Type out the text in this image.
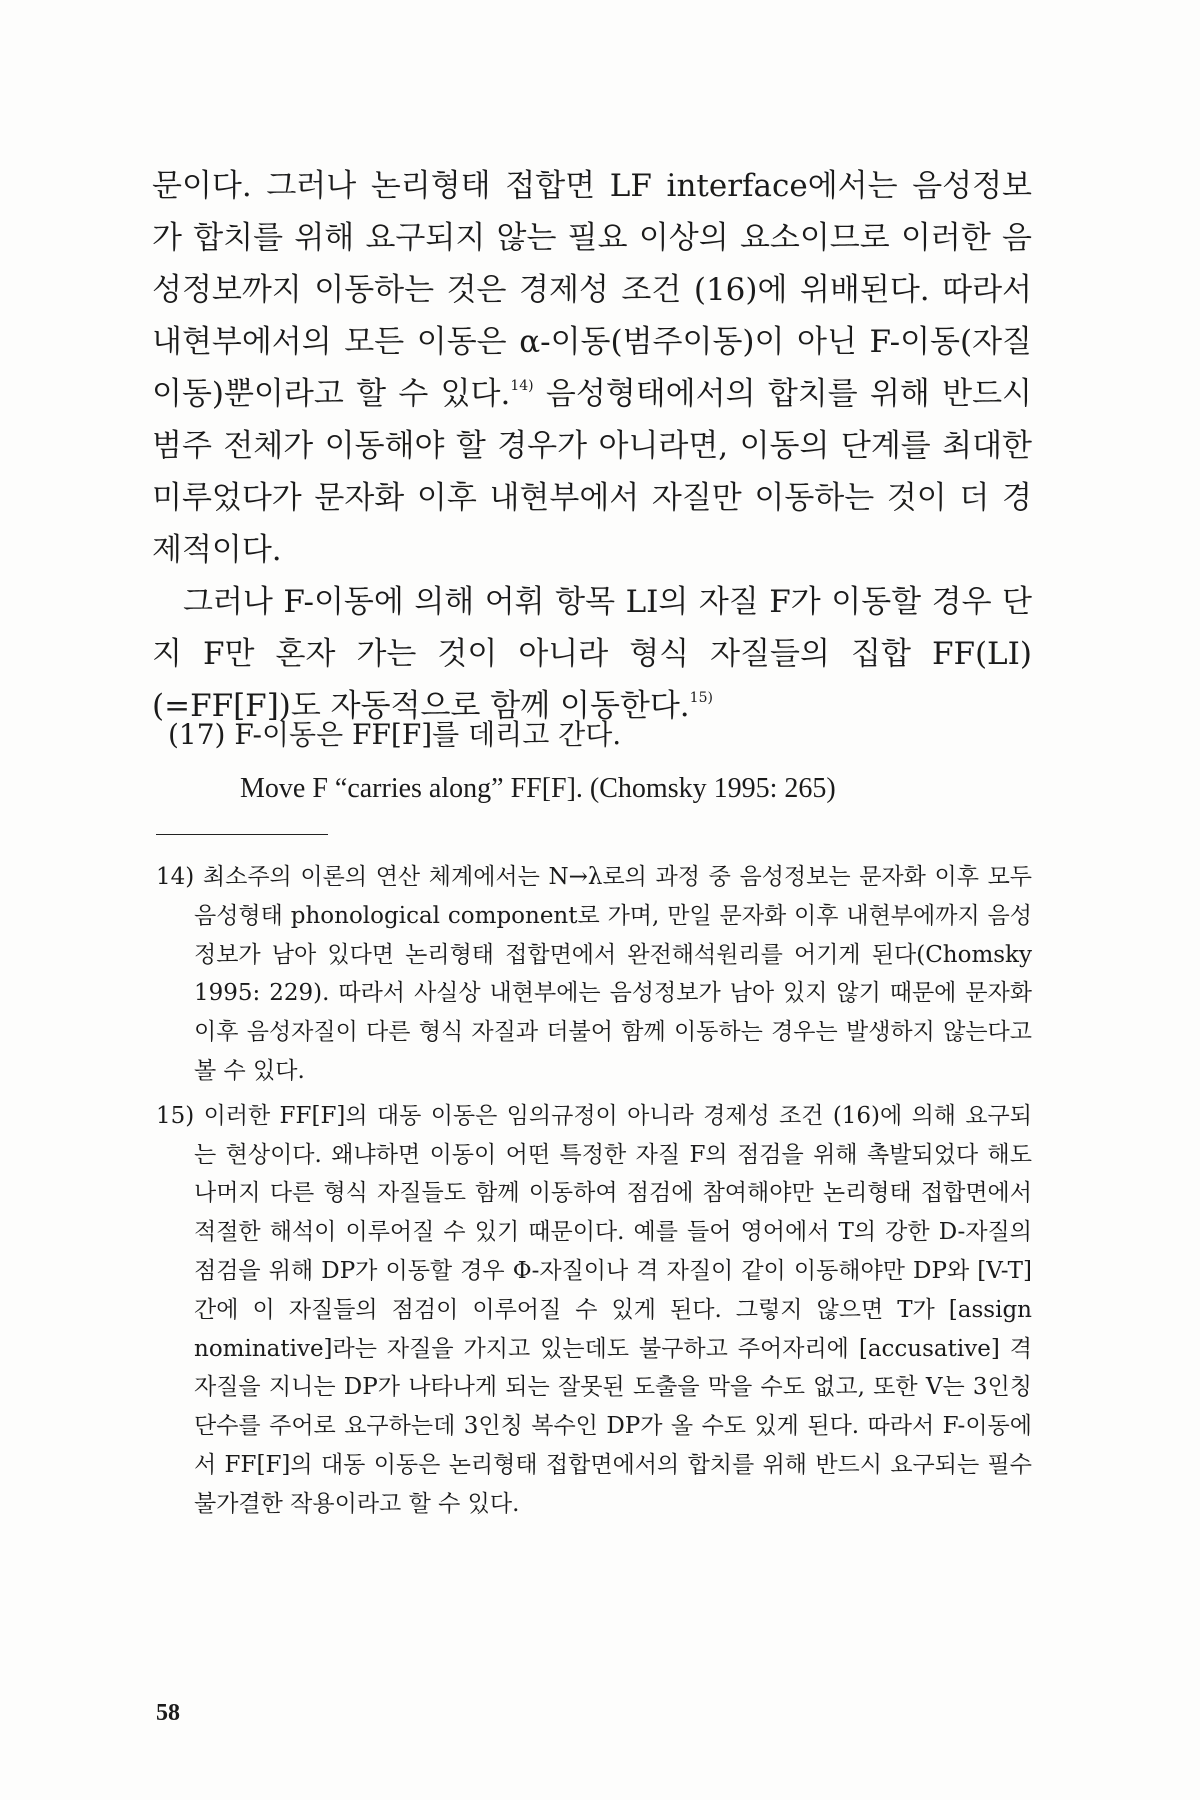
문이다. 그러나 논리형태 접합면 LF interface에서는 음성정보가 합치를 위해 요구되지 않는 필요 이상의 요소이므로 이러한 음성정보까지 이동하는 것은 경제성 조건 (16)에 위배된다. 따라서 내현부에서의 모든 이동은 α-이동(범주이동)이 아닌 F-이동(자질이동)뿐이라고 할 수 있다.$^{14)}$ 음성형태에서의 합치를 위해 반드시 범주 전체가 이동해야 할 경우가 아니라면, 이동의 단계를 최대한 미루었다가 문자화 이후 내현부에서 자질만 이동하는 것이 더 경제적이다.

그러나 F-이동에 의해 어휘 항목 LI의 자질 F가 이동할 경우 단지 F만 혼자 가는 것이 아니라 형식 자질들의 집합 FF(LI)(=FF[F])도 자동적으로 함께 이동한다.$^{15)}$

(17) F-이동은 FF[F]를 데리고 간다.
Move F “carries along” FF[F]. (Chomsky 1995: 265)

14) 최소주의 이론의 연산 체계에서는 N→λ로의 과정 중 음성정보는 문자화 이후 모두 음성형태 phonological component로 가며, 만일 문자화 이후 내현부에까지 음성정보가 남아 있다면 논리형태 접합면에서 완전해석원리를 어기게 된다(Chomsky 1995: 229). 따라서 사실상 내현부에는 음성정보가 남아 있지 않기 때문에 문자화 이후 음성자질이 다른 형식 자질과 더불어 함께 이동하는 경우는 발생하지 않는다고 볼 수 있다.

15) 이러한 FF[F]의 대동 이동은 임의규정이 아니라 경제성 조건 (16)에 의해 요구되는 현상이다. 왜냐하면 이동이 어떤 특정한 자질 F의 점검을 위해 촉발되었다 해도 나머지 다른 형식 자질들도 함께 이동하여 점검에 참여해야만 논리형태 접합면에서 적절한 해석이 이루어질 수 있기 때문이다. 예를 들어 영어에서 T의 강한 D-자질의 점검을 위해 DP가 이동할 경우 Φ-자질이나 격 자질이 같이 이동해야만 DP와 [V-T] 간에 이 자질들의 점검이 이루어질 수 있게 된다. 그렇지 않으면 T가 [assign nominative]라는 자질을 가지고 있는데도 불구하고 주어자리에 [accusative] 격 자질을 지니는 DP가 나타나게 되는 잘못된 도출을 막을 수도 없고, 또한 V는 3인칭 단수를 주어로 요구하는데 3인칭 복수인 DP가 올 수도 있게 된다. 따라서 F-이동에서 FF[F]의 대동 이동은 논리형태 접합면에서의 합치를 위해 반드시 요구되는 필수불가결한 작용이라고 할 수 있다.

58
